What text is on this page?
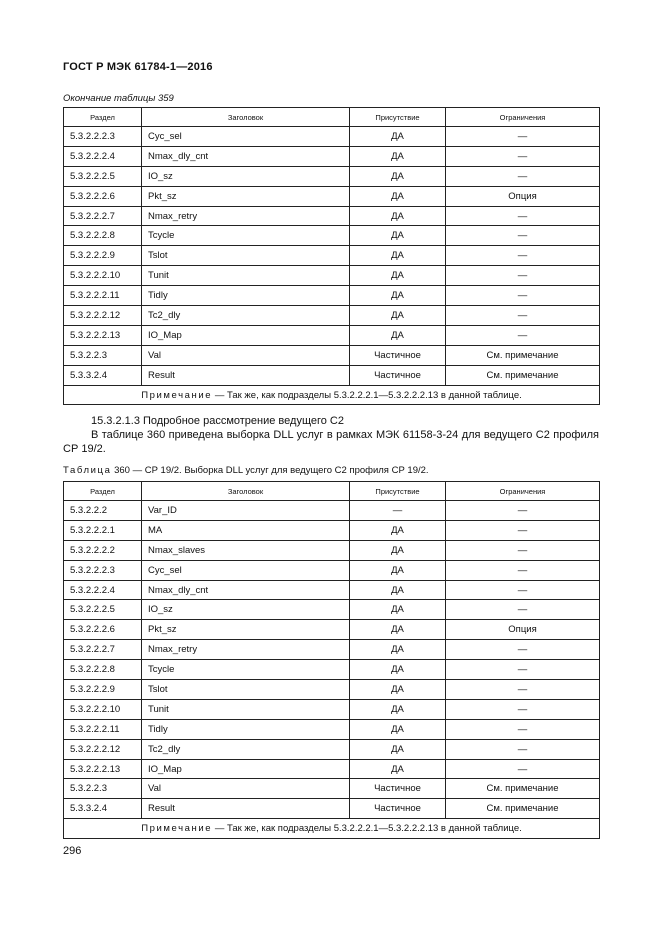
ГОСТ Р МЭК 61784-1—2016
Окончание таблицы 359
Раздел	Заголовок	Присутствие	Ограничения
5.3.2.2.2.3	Cyc_sel	ДА	—
5.3.2.2.2.4	Nmax_dly_cnt	ДА	—
5.3.2.2.2.5	IO_sz	ДА	—
5.3.2.2.2.6	Pkt_sz	ДА	Опция
5.3.2.2.2.7	Nmax_retry	ДА	—
5.3.2.2.2.8	Tcycle	ДА	—
5.3.2.2.2.9	Tslot	ДА	—
5.3.2.2.2.10	Tunit	ДА	—
5.3.2.2.2.11	Tidly	ДА	—
5.3.2.2.2.12	Tc2_dly	ДА	—
5.3.2.2.2.13	IO_Map	ДА	—
5.3.2.2.3	Val	Частичное	См. примечание
5.3.3.2.4	Result	Частичное	См. примечание
Примечание — Так же, как подразделы 5.3.2.2.2.1—5.3.2.2.2.13 в данной таблице.			
15.3.2.1.3 Подробное рассмотрение ведущего С2
В таблице 360 приведена выборка DLL услуг в рамках МЭК 61158-3-24 для ведущего С2 профиля СР 19/2.
Таблица 360 — СР 19/2. Выборка DLL услуг для ведущего С2 профиля СР 19/2.
Раздел	Заголовок	Присутствие	Ограничения
5.3.2.2.2	Var_ID	—	—
5.3.2.2.2.1	MA	ДА	—
5.3.2.2.2.2	Nmax_slaves	ДА	—
5.3.2.2.2.3	Cyc_sel	ДА	—
5.3.2.2.2.4	Nmax_dly_cnt	ДА	—
5.3.2.2.2.5	IO_sz	ДА	—
5.3.2.2.2.6	Pkt_sz	ДА	Опция
5.3.2.2.2.7	Nmax_retry	ДА	—
5.3.2.2.2.8	Tcycle	ДА	—
5.3.2.2.2.9	Tslot	ДА	—
5.3.2.2.2.10	Tunit	ДА	—
5.3.2.2.2.11	Tidly	ДА	—
5.3.2.2.2.12	Tc2_dly	ДА	—
5.3.2.2.2.13	IO_Map	ДА	—
5.3.2.2.3	Val	Частичное	См. примечание
5.3.3.2.4	Result	Частичное	См. примечание
Примечание — Так же, как подразделы 5.3.2.2.2.1—5.3.2.2.2.13 в данной таблице.			
296
